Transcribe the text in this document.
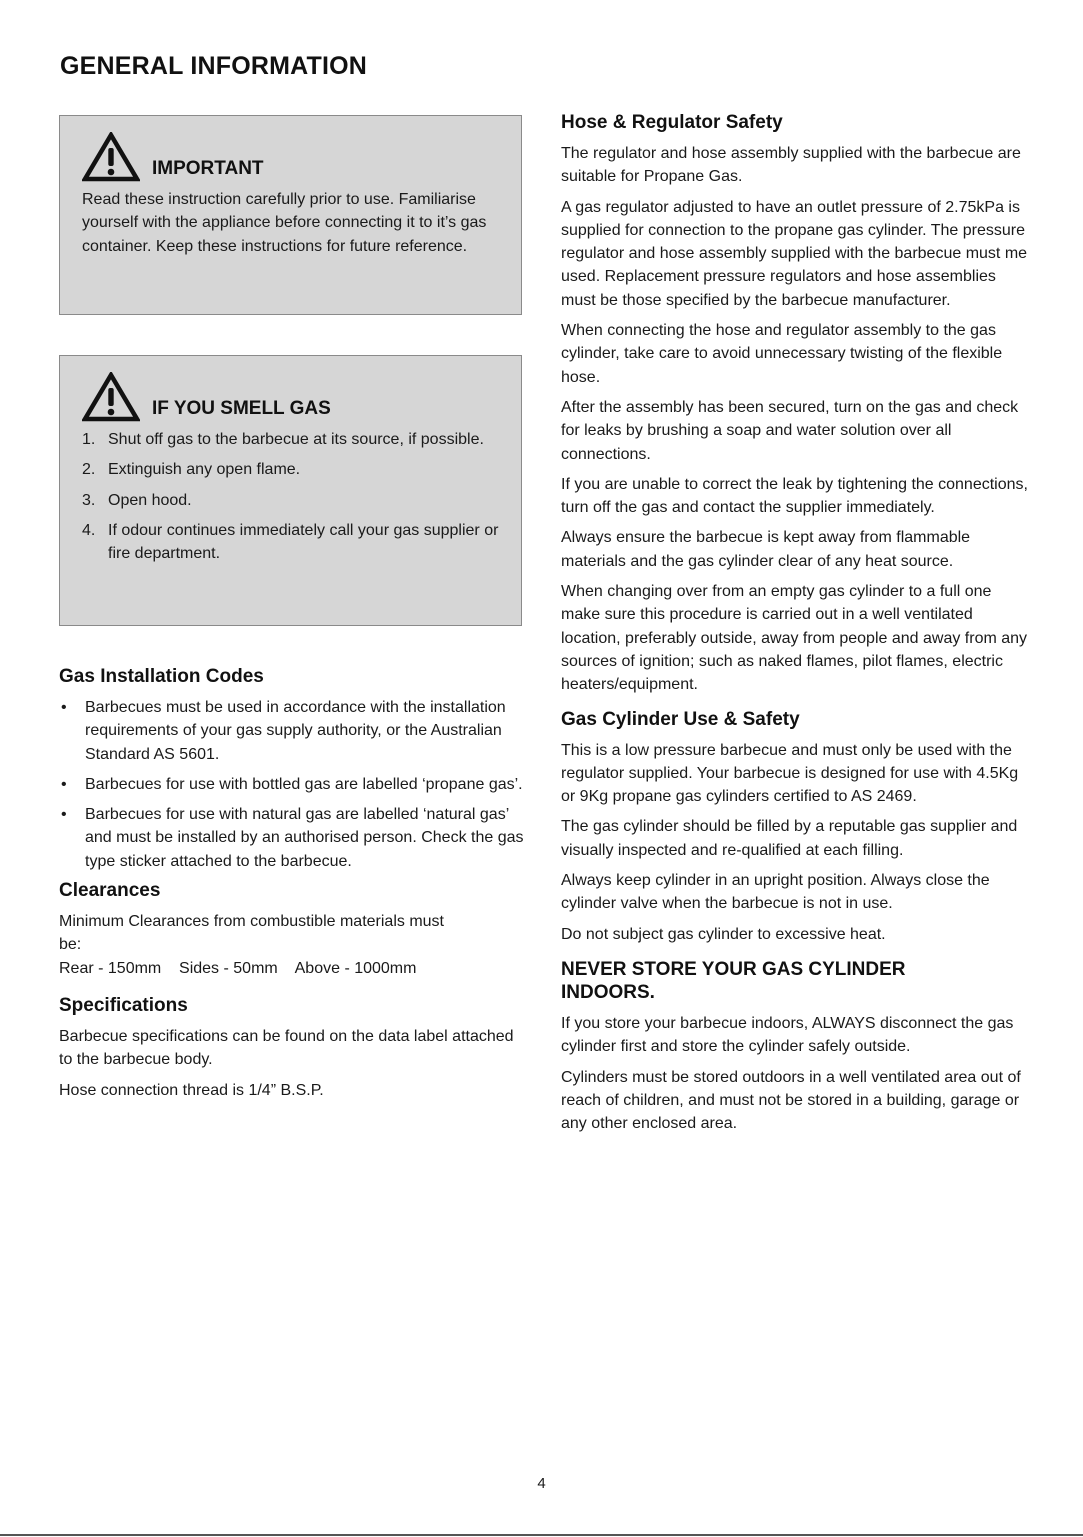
GENERAL INFORMATION
IMPORTANT

Read these instruction carefully prior to use. Familiarise yourself with the appliance before connecting it to it’s gas container. Keep these instructions for future reference.

IF YOU SMELL GAS
1. Shut off gas to the barbecue at its source, if possible.
2. Extinguish any open flame.
3. Open hood.
4. If odour continues immediately call your gas supplier or fire department.
Gas Installation Codes
•	Barbecues must be used in accordance with the installation requirements of your gas supply authority, or the Australian Standard AS 5601.
•	Barbecues for use with bottled gas are labelled ‘propane gas’.
•	Barbecues for use with natural gas are labelled ‘natural gas’ and must be installed by an authorised person. Check the gas type sticker attached to the barbecue.
Clearances

Minimum Clearances from combustible materials must be:

Rear - 150mm    Sides - 50mm    Above - 1000mm

Specifications

Barbecue specifications can be found on the data label attached to the barbecue body.

Hose connection thread is 1/4” B.S.P.

Hose & Regulator Safety

The regulator and hose assembly supplied with the barbecue are suitable for Propane Gas.

A gas regulator adjusted to have an outlet pressure of 2.75kPa is supplied for connection to the propane gas cylinder. The pressure regulator and hose assembly supplied with the barbecue must me used. Replacement pressure regulators and hose assemblies must be those specified by the barbecue manufacturer.

When connecting the hose and regulator assembly to the gas cylinder, take care to avoid unnecessary twisting of the flexible hose.

After the assembly has been secured, turn on the gas and check for leaks by brushing a soap and water solution over all connections.

If you are unable to correct the leak by tightening the connections, turn off the gas and contact the supplier immediately.

Always ensure the barbecue is kept away from flammable materials and the gas cylinder clear of any heat source.

When changing over from an empty gas cylinder to a full one make sure this procedure is carried out in a well ventilated location, preferably outside, away from people and away from any sources of ignition; such as naked flames, pilot flames, electric heaters/equipment.

Gas Cylinder Use & Safety

This is a low pressure barbecue and must only be used with the regulator supplied. Your barbecue is designed for use with 4.5Kg or 9Kg propane gas cylinders certified to AS 2469.

The gas cylinder should be filled by a reputable gas supplier and visually inspected and re-qualified at each filling.

Always keep cylinder in an upright position. Always close the cylinder valve when the barbecue is not in use.

Do not subject gas cylinder to excessive heat.

NEVER STORE YOUR GAS CYLINDER INDOORS.

If you store your barbecue indoors, ALWAYS disconnect the gas cylinder first and store the cylinder safely outside.

Cylinders must be stored outdoors in a well ventilated area out of reach of children, and must not be stored in a building, garage or any other enclosed area.

4
